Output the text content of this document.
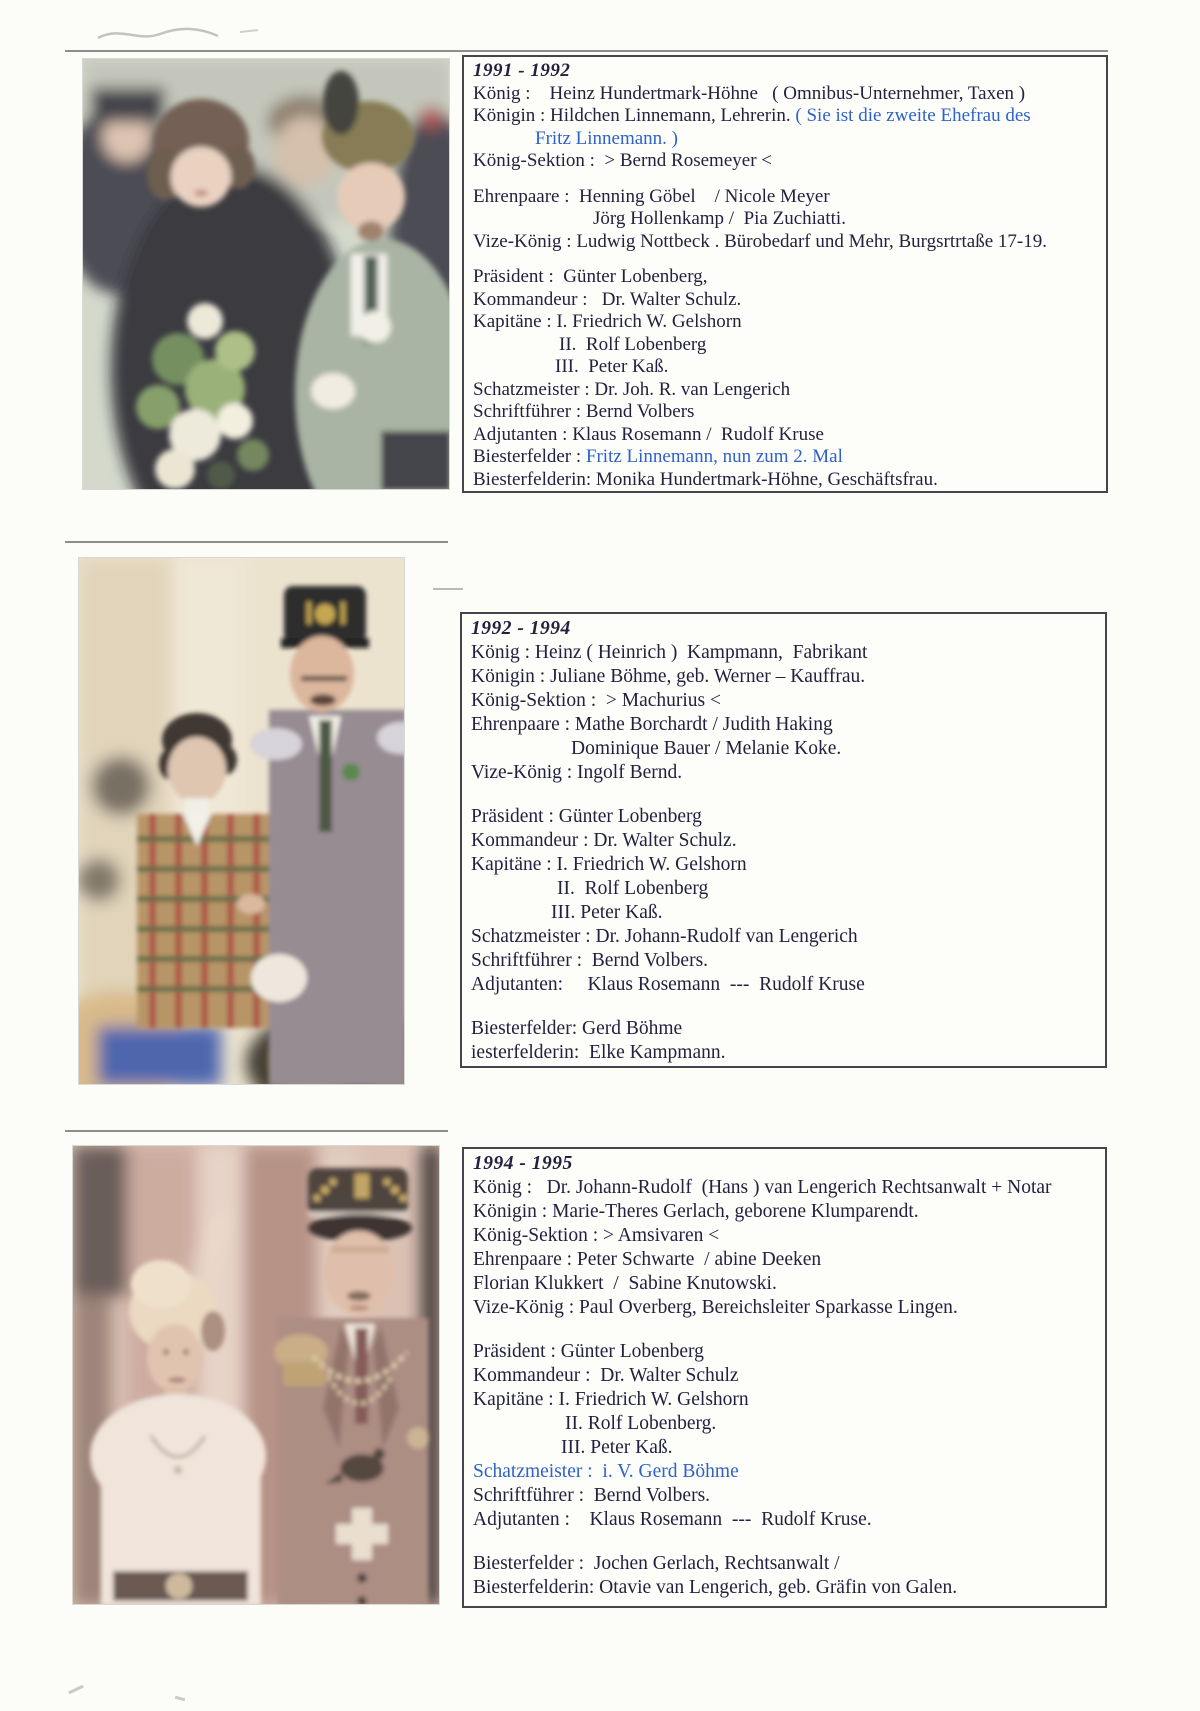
1991 - 1992
König :    Heinz Hundertmark-Höhne   ( Omnibus-Unternehmer, Taxen )
Königin : Hildchen Linnemann, Lehrerin. ( Sie ist die zweite Ehefrau des
Fritz Linnemann. )
König-Sektion :  > Bernd Rosemeyer <
Ehrenpaare :  Henning Göbel    / Nicole Meyer
Jörg Hollenkamp /  Pia Zuchiatti.
Vize-König : Ludwig Nottbeck . Bürobedarf und Mehr, Burgsrtrtaße 17-19.
Präsident :  Günter Lobenberg,
Kommandeur :   Dr. Walter Schulz.
Kapitäne : I. Friedrich W. Gelshorn
II.  Rolf Lobenberg
III.  Peter Kaß.
Schatzmeister : Dr. Joh. R. van Lengerich
Schriftführer : Bernd Volbers
Adjutanten : Klaus Rosemann /  Rudolf Kruse
Biesterfelder : Fritz Linnemann, nun zum 2. Mal
Biesterfelderin: Monika Hundertmark-Höhne, Geschäftsfrau.
1992 - 1994
König : Heinz ( Heinrich )  Kampmann,  Fabrikant
Königin : Juliane Böhme, geb. Werner – Kauffrau.
König-Sektion :  > Machurius <
Ehrenpaare : Mathe Borchardt / Judith Haking
Dominique Bauer / Melanie Koke.
Vize-König : Ingolf Bernd.
Präsident : Günter Lobenberg
Kommandeur : Dr. Walter Schulz.
Kapitäne : I. Friedrich W. Gelshorn
II.  Rolf Lobenberg
III. Peter Kaß.
Schatzmeister : Dr. Johann-Rudolf van Lengerich
Schriftführer :  Bernd Volbers.
Adjutanten:     Klaus Rosemann  ---  Rudolf Kruse
Biesterfelder: Gerd Böhme
iesterfelderin:  Elke Kampmann.
1994 - 1995
König :   Dr. Johann-Rudolf  (Hans ) van Lengerich Rechtsanwalt + Notar
Königin : Marie-Theres Gerlach, geborene Klumparendt.
König-Sektion : > Amsivaren <
Ehrenpaare : Peter Schwarte  / abine Deeken
Florian Klukkert  /  Sabine Knutowski.
Vize-König : Paul Overberg, Bereichsleiter Sparkasse Lingen.
Präsident : Günter Lobenberg
Kommandeur :  Dr. Walter Schulz
Kapitäne : I. Friedrich W. Gelshorn
II. Rolf Lobenberg.
III. Peter Kaß.
Schatzmeister :  i. V. Gerd Böhme
Schriftführer :  Bernd Volbers.
Adjutanten :    Klaus Rosemann  ---  Rudolf Kruse.
Biesterfelder :  Jochen Gerlach, Rechtsanwalt /
Biesterfelderin: Otavie van Lengerich, geb. Gräfin von Galen.
